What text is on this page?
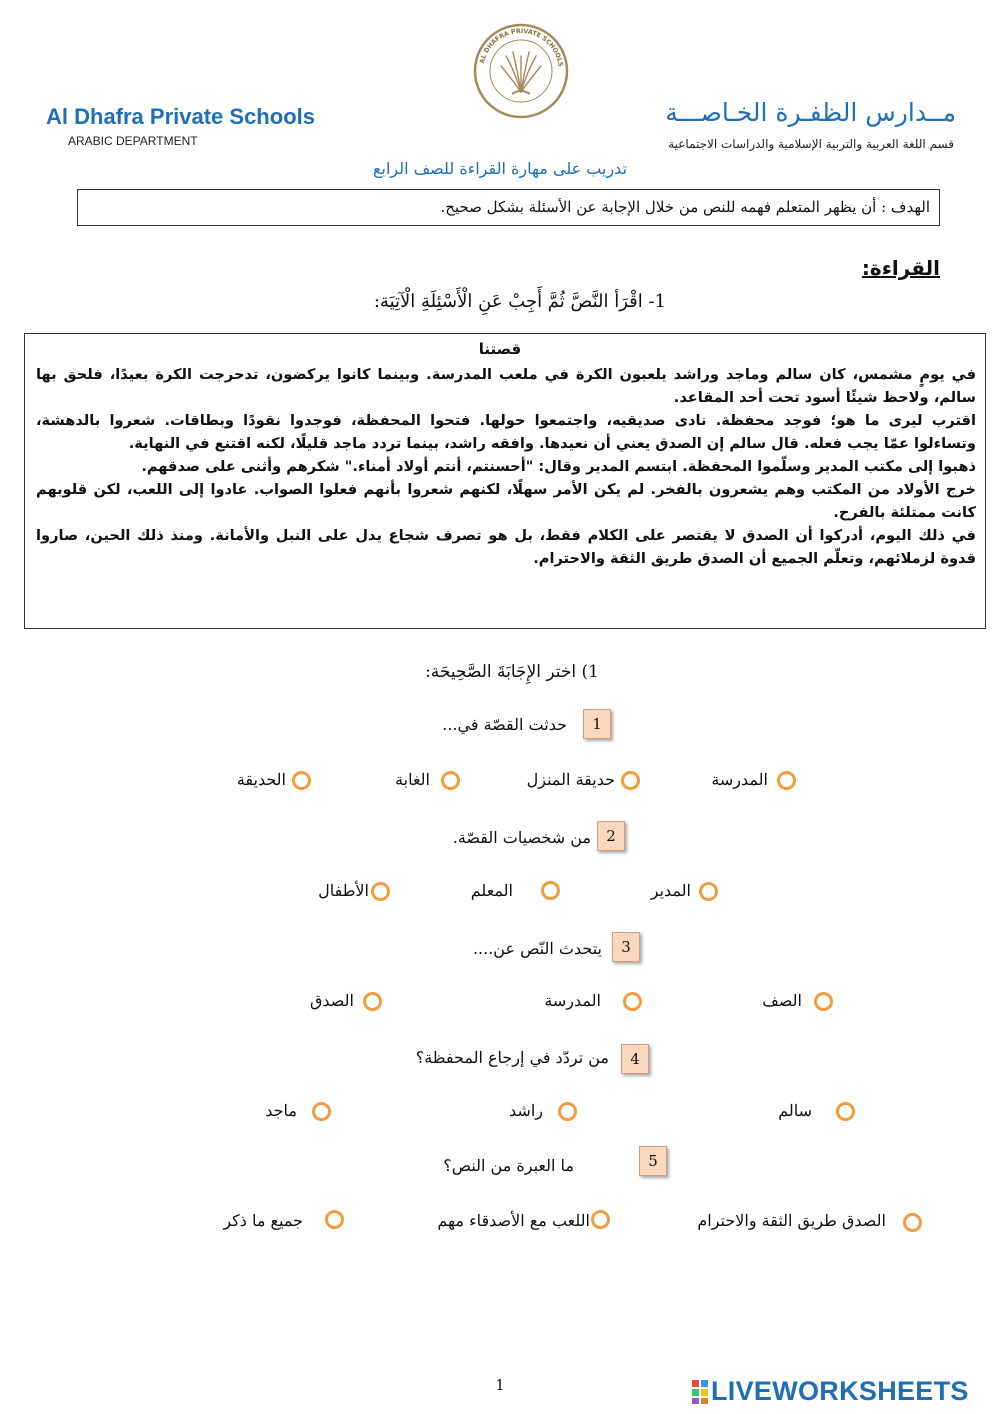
AL DHAFRA PRIVATE SCHOOLS
Al Dhafra Private Schools
ARABIC DEPARTMENT
مــدارس الظفـرة الخـاصـــة
قسم اللغة العربية والتربية الإسلامية والدراسات الاجتماعية
تدريب على مهارة القراءة للصف الرابع
الهدف : أن يظهر المتعلم فهمه للنص من خلال الإجابة عن الأسئلة بشكل صحيح.
القراءة:
1- اقْرَأ النَّصَّ ثُمَّ أَجِبْ عَنِ الْأَسْئِلَةِ الْآتِيَة:
قصتنا

في يومٍ مشمس، كان سالم وماجد وراشد يلعبون الكرة في ملعب المدرسة. وبينما كانوا يركضون، تدحرجت الكرة بعيدًا، فلحق بها سالم، ولاحظ شيئًا أسود تحت أحد المقاعد.

اقترب ليرى ما هو؛ فوجد محفظة. نادى صديقيه، واجتمعوا حولها. فتحوا المحفظة، فوجدوا نقودًا وبطاقات. شعروا بالدهشة، وتساءلوا عمّا يجب فعله. قال سالم إن الصدق يعني أن نعيدها. وافقه راشد، بينما تردد ماجد قليلًا، لكنه اقتنع في النهاية.

ذهبوا إلى مكتب المدير وسلّموا المحفظة. ابتسم المدير وقال: "أحسنتم، أنتم أولاد أمناء." شكرهم وأثنى على صدقهم.

خرج الأولاد من المكتب وهم يشعرون بالفخر. لم يكن الأمر سهلًا، لكنهم شعروا بأنهم فعلوا الصواب. عادوا إلى اللعب، لكن قلوبهم كانت ممتلئة بالفرح.

في ذلك اليوم، أدركوا أن الصدق لا يقتصر على الكلام فقط، بل هو تصرف شجاع يدل على النبل والأمانة. ومنذ ذلك الحين، صاروا قدوة لزملائهم، وتعلّم الجميع أن الصدق طريق الثقة والاحترام.

1) اختر الإِجَابَةَ الصَّحِيحَة:
1
حدثت القصّة في...
المدرسة
حديقة المنزل
الغابة
الحديقة
2
من شخصيات القصّة.
المدير
المعلم
الأطفال
3
يتحدث النّص عن....
الصف
المدرسة
الصدق
4
من تردّد في إرجاع المحفظة؟
سالم
راشد
ماجد
5
ما العبرة من النص؟
الصدق طريق الثقة والاحترام
اللعب مع الأصدقاء مهم
جميع ما ذكر
1	LIVEWORKSHEETS
